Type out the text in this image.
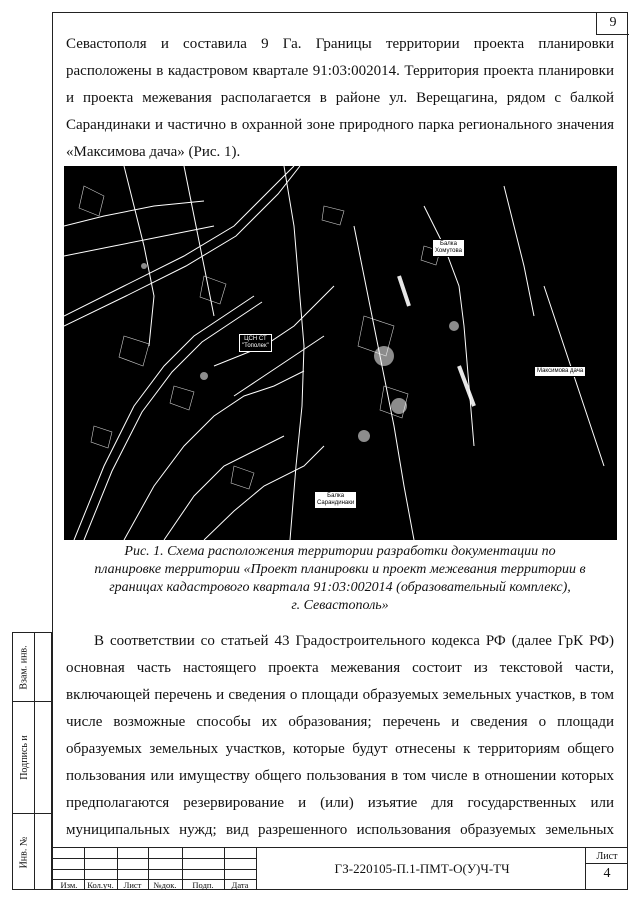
9
Севастополя и составила 9 Га. Границы территории проекта планировки
расположены в кадастровом квартале 91:03:002014. Территория проекта планировки
и проекта межевания располагается в районе ул. Верещагина, рядом с балкой
Сарандинаки и частично в охранной зоне природного парка регионального значения
«Максимова дача» (Рис. 1).
Балка
Хомутова
Балка
Сарандинаки
Максимова дача
ЦСН СТ
"Тополек"
Рис. 1. Схема расположения территории разработки документации по
планировке территории «Проект планировки и проект межевания территории в
границах кадастрового квартала 91:03:002014 (образовательный комплекс),
г. Севастополь»
В соответствии со статьей 43 Градостроительного кодекса РФ (далее ГрК РФ)
основная часть настоящего проекта межевания состоит из текстовой части,
включающей перечень и сведения о площади образуемых земельных участков, в том
числе возможные способы их образования; перечень и сведения о площади
образуемых земельных участков, которые будут отнесены к территориям общего
пользования или имуществу общего пользования в том числе в отношении которых
предполагаются резервирование и (или) изъятие для государственных или
муниципальных нужд; вид разрешенного использования образуемых земельных
Взам. инв.
Подпись и
Инв. №
Изм.	Кол.уч.	Лист	№док.	Подп.	Дата
ГЗ-220105-П.1-ПМТ-О(У)Ч-ТЧ
Лист
4
